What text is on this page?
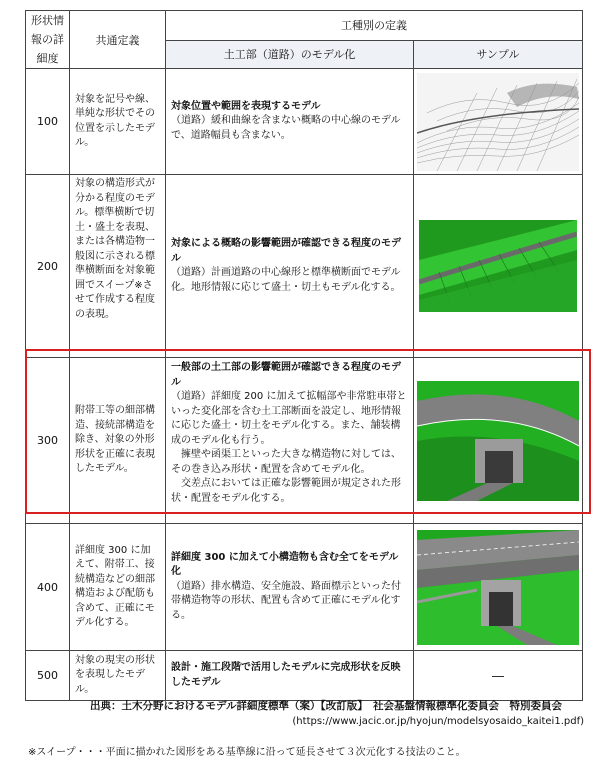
形状情報の詳細度	共通定義	工種別の定義	
		土工部（道路）のモデル化	サンプル
100	対象を記号や線、単純な形状でその位置を示したモデル。	対象位置や範囲を表現するモデル
（道路）緩和曲線を含まない概略の中心線のモデルで、道路幅員も含まない。

200	対象の構造形式が分かる程度のモデル。標準横断で切土・盛土を表現、または各構造物一般図に示される標準横断面を対象範囲でスイープ※させて作成する程度の表現。	対象による概略の影響範囲が確認できる程度のモデル
（道路）計画道路の中心線形と標準横断面でモデル化。地形情報に応じて盛土・切土もモデル化する。

300	附帯工等の細部構造、接続部構造を除き、対象の外形形状を正確に表現したモデル。	一般部の土工部の影響範囲が確認できる程度のモデル
（道路）詳細度 200 に加えて拡幅部や非常駐車帯といった変化部を含む土工部断面を設定し、地形情報に応じた盛土・切土をモデル化する。また、舗装構成のモデル化も行う。
擁壁や函渠工といった大きな構造物に対しては、その巻き込み形状・配置を含めてモデル化。
交差点においては正確な影響範囲が規定された形状・配置をモデル化する。

400	詳細度 300 に加えて、附帯工、接続構造などの細部構造および配筋も含めて、正確にモデル化する。	詳細度 300 に加えて小構造物も含む全てをモデル化
（道路）排水構造、安全施設、路面標示といった付帯構造物等の形状、配置も含めて正確にモデル化する。

500	対象の現実の形状を表現したモデル。	設計・施工段階で活用したモデルに完成形状を反映したモデル	―
出典：土木分野におけるモデル詳細度標準（案）【改訂版】　社会基盤情報標準化委員会　特別委員会
(https://www.jacic.or.jp/hyojun/modelsyosaido_kaitei1.pdf)
※スイープ・・・平面に描かれた図形をある基準線に沿って延長させて３次元化する技法のこと。
